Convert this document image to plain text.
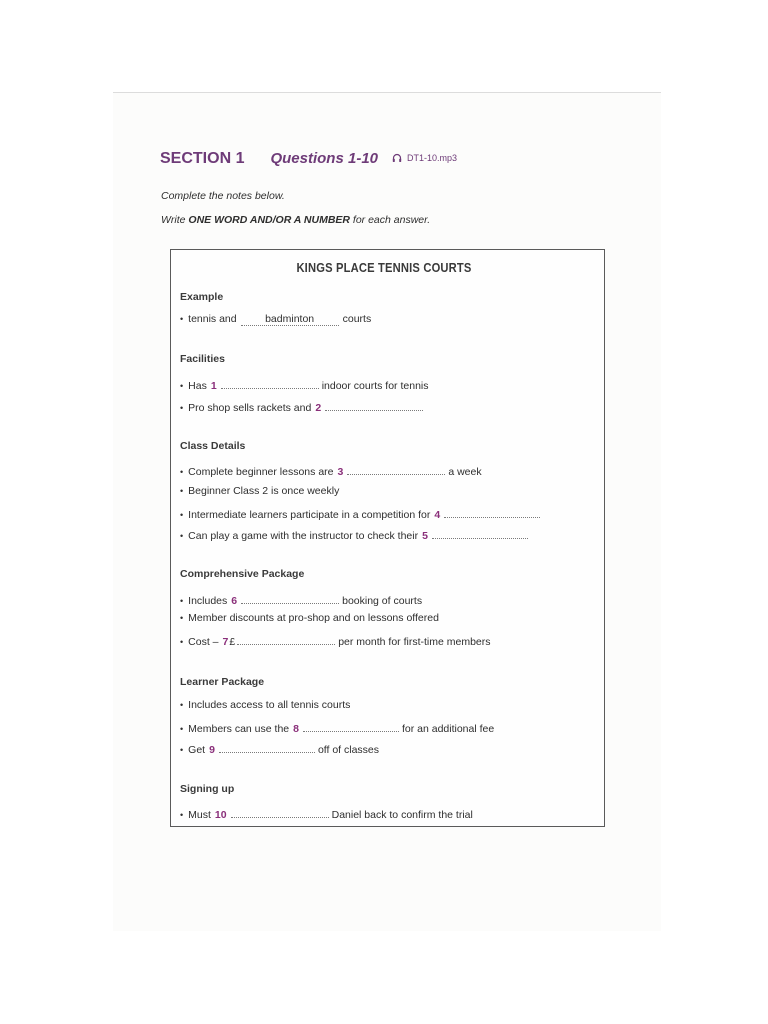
SECTION 1 Questions 1-10	DT1-10.mp3
Complete the notes below.
Write ONE WORD AND/OR A NUMBER for each answer.
KINGS PLACE TENNIS COURTS
Example
• tennis and	badminton	courts
Facilities
• Has 1	indoor courts for tennis
• Pro shop sells rackets and 2
Class Details
• Complete beginner lessons are 3	a week
• Beginner Class 2 is once weekly
• Intermediate learners participate in a competition for 4
• Can play a game with the instructor to check their 5
Comprehensive Package
• Includes 6	booking of courts
• Member discounts at pro-shop and on lessons offered
• Cost – 7 £	per month for first-time members
Learner Package
• Includes access to all tennis courts
• Members can use the 8	for an additional fee
• Get 9	off of classes
Signing up
• Must 10	Daniel back to confirm the trial
